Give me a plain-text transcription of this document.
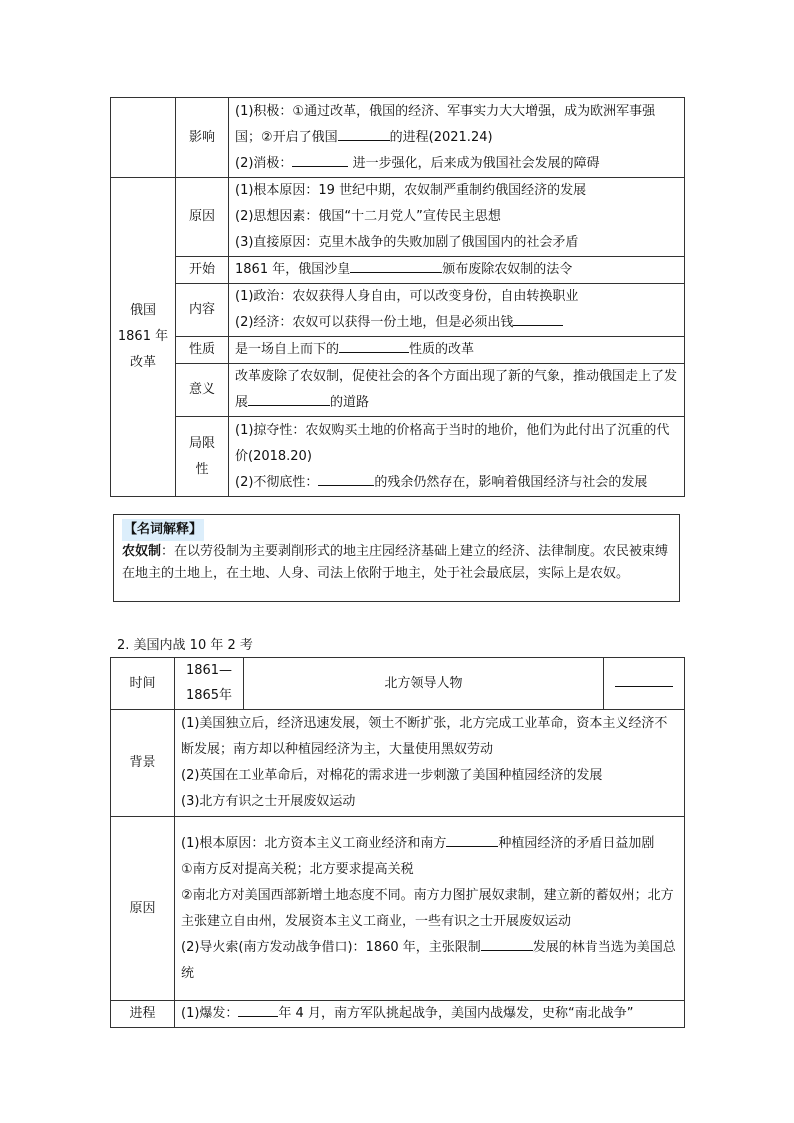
	影响	(1)积极：①通过改革，俄国的经济、军事实力大大增强，成为欧洲军事强国；②开启了俄国 的进程(2021.24)
(2)消极： 进一步强化，后来成为俄国社会发展的障碍
俄国
1861 年
改革	原因	(1)根本原因：19 世纪中期，农奴制严重制约俄国经济的发展
(2)思想因素：俄国“十二月党人”宣传民主思想
(3)直接原因：克里木战争的失败加剧了俄国国内的社会矛盾
	开始	1861 年，俄国沙皇 颁布废除农奴制的法令
	内容	(1)政治：农奴获得人身自由，可以改变身份，自由转换职业
(2)经济：农奴可以获得一份土地，但是必须出钱
	性质	是一场自上而下的 性质的改革
	意义	改革废除了农奴制，促使社会的各个方面出现了新的气象，推动俄国走上了发展 的道路
	局限性	(1)掠夺性：农奴购买土地的价格高于当时的地价，他们为此付出了沉重的代价(2018.20)
(2)不彻底性： 的残余仍然存在，影响着俄国经济与社会的发展
【名词解释】
农奴制：在以劳役制为主要剥削形式的地主庄园经济基础上建立的经济、法律制度。农民被束缚在地主的土地上，在土地、人身、司法上依附于地主，处于社会最底层，实际上是农奴。
2. 美国内战 10 年 2 考
时间	1861—1865年	北方领导人物	
背景	(1)美国独立后，经济迅速发展，领土不断扩张，北方完成工业革命，资本主义经济不断发展；南方却以种植园经济为主，大量使用黑奴劳动
(2)英国在工业革命后，对棉花的需求进一步刺激了美国种植园经济的发展
(3)北方有识之士开展废奴运动		
原因	(1)根本原因：北方资本主义工商业经济和南方 种植园经济的矛盾日益加剧
①南方反对提高关税；北方要求提高关税
②南北方对美国西部新增土地态度不同。南方力图扩展奴隶制，建立新的蓄奴州；北方主张建立自由州，发展资本主义工商业，一些有识之士开展废奴运动
(2)导火索(南方发动战争借口)：1860 年，主张限制 发展的林肯当选为美国总统		
进程	(1)爆发： 年 4 月，南方军队挑起战争，美国内战爆发，史称“南北战争”		
